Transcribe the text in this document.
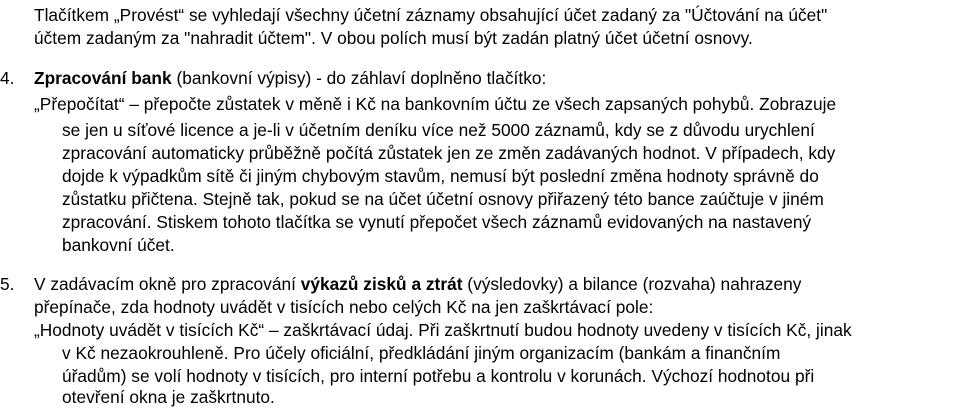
Tlačítkem „Provést“ se vyhledají všechny účetní záznamy obsahující účet zadaný za "Účtování na účet"
účtem zadaným za "nahradit účtem". V obou polích musí být zadán platný účet účetní osnovy.
4. Zpracování bank (bankovní výpisy) - do záhlaví doplněno tlačítko:
„Přepočítat“ – přepočte zůstatek v měně i Kč na bankovním účtu ze všech zapsaných pohybů. Zobrazuje
se jen u síťové licence a je-li v účetním deníku více než 5000 záznamů, kdy se z důvodu urychlení
zpracování automaticky průběžně počítá zůstatek jen ze změn zadávaných hodnot. V případech, kdy
dojde k výpadkům sítě či jiným chybovým stavům, nemusí být poslední změna hodnoty správně do
zůstatku přičtena. Stejně tak, pokud se na účet účetní osnovy přiřazený této bance zaúčtuje v jiném
zpracování. Stiskem tohoto tlačítka se vynutí přepočet všech záznamů evidovaných na nastavený
bankovní účet.
5. V zadávacím okně pro zpracování výkazů zisků a ztrát (výsledovky) a bilance (rozvaha) nahrazeny
přepínače, zda hodnoty uvádět v tisících nebo celých Kč na jen zaškrtávací pole:
„Hodnoty uvádět v tisících Kč“ – zaškrtávací údaj. Při zaškrtnutí budou hodnoty uvedeny v tisících Kč, jinak
v Kč nezaokrouhleně. Pro účely oficiální, předkládání jiným organizacím (bankám a finančním
úřadům) se volí hodnoty v tisících, pro interní potřebu a kontrolu v korunách. Výchozí hodnotou při
otevření okna je zaškrtnuto.
